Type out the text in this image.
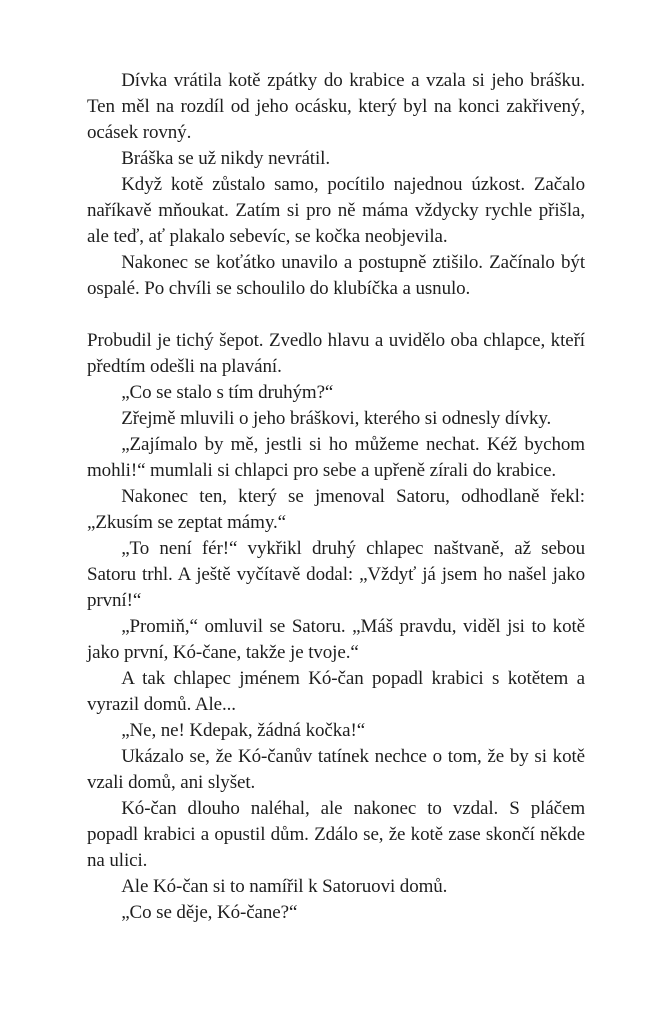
Dívka vrátila kotě zpátky do krabice a vzala si jeho brášku. Ten měl na rozdíl od jeho ocásku, který byl na konci zakřivený, ocásek rovný.

Bráška se už nikdy nevrátil.

Když kotě zůstalo samo, pocítilo najednou úzkost. Začalo naříkavě mňoukat. Zatím si pro ně máma vždycky rychle přišla, ale teď, ať plakalo sebevíc, se kočka neobjevila.

Nakonec se koťátko unavilo a postupně ztišilo. Začínalo být ospalé. Po chvíli se schoulilo do klubíčka a usnulo.

Probudil je tichý šepot. Zvedlo hlavu a uvidělo oba chlapce, kteří předtím odešli na plavání.

„Co se stalo s tím druhým?“

Zřejmě mluvili o jeho bráškovi, kterého si odnesly dívky.

„Zajímalo by mě, jestli si ho můžeme nechat. Kéž bychom mohli!“ mumlali si chlapci pro sebe a upřeně zírali do krabice.

Nakonec ten, který se jmenoval Satoru, odhodlaně řekl: „Zkusím se zeptat mámy.“

„To není fér!“ vykřikl druhý chlapec naštvaně, až sebou Satoru trhl. A ještě vyčítavě dodal: „Vždyť já jsem ho našel jako první!“

„Promiň,“ omluvil se Satoru. „Máš pravdu, viděl jsi to kotě jako první, Kó-čane, takže je tvoje.“

A tak chlapec jménem Kó-čan popadl krabici s kotětem a vyrazil domů. Ale...

„Ne, ne! Kdepak, žádná kočka!“

Ukázalo se, že Kó-čanův tatínek nechce o tom, že by si kotě vzali domů, ani slyšet.

Kó-čan dlouho naléhal, ale nakonec to vzdal. S pláčem popadl krabici a opustil dům. Zdálo se, že kotě zase skončí někde na ulici.

Ale Kó-čan si to namířil k Satoruovi domů.

„Co se děje, Kó-čane?“
